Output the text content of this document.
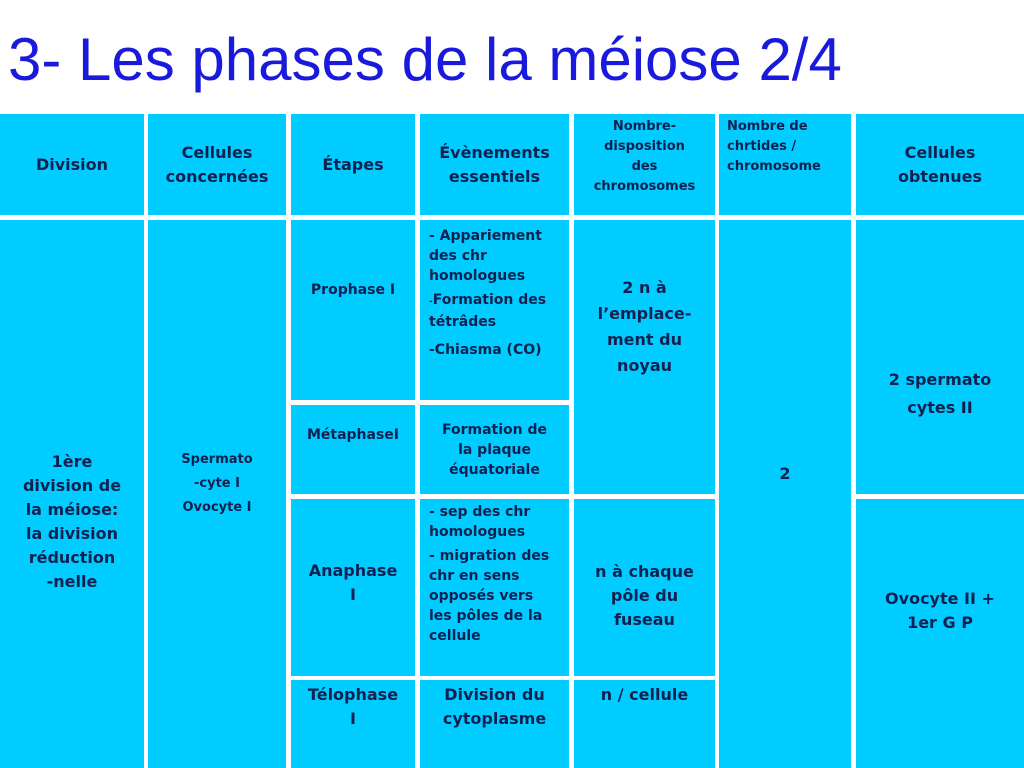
3- Les phases de la méiose 2/4
Division
Cellules
concernées
Étapes
Évènements
essentiels
Nombre-
disposition
des
chromosomes
Nombre de
chrtides /
chromosome
Cellules
obtenues
1ère
division de
la méiose:
la division
réduction
-nelle
Spermato
-cyte I
Ovocyte I
Prophase I
MétaphaseI
Anaphase
I
Télophase
I
- Appariement
des chr
homologues
-Formation des
tétrâdes
-Chiasma (CO)
Formation de
la plaque
équatoriale
- sep des chr
homologues
- migration des
chr en sens
opposés vers
les pôles de la
cellule
Division du
cytoplasme
2 n à
l’emplace-
ment du
noyau
n à chaque
pôle du
fuseau
n / cellule
2
2 spermato
cytes II
Ovocyte II +
1er G P
